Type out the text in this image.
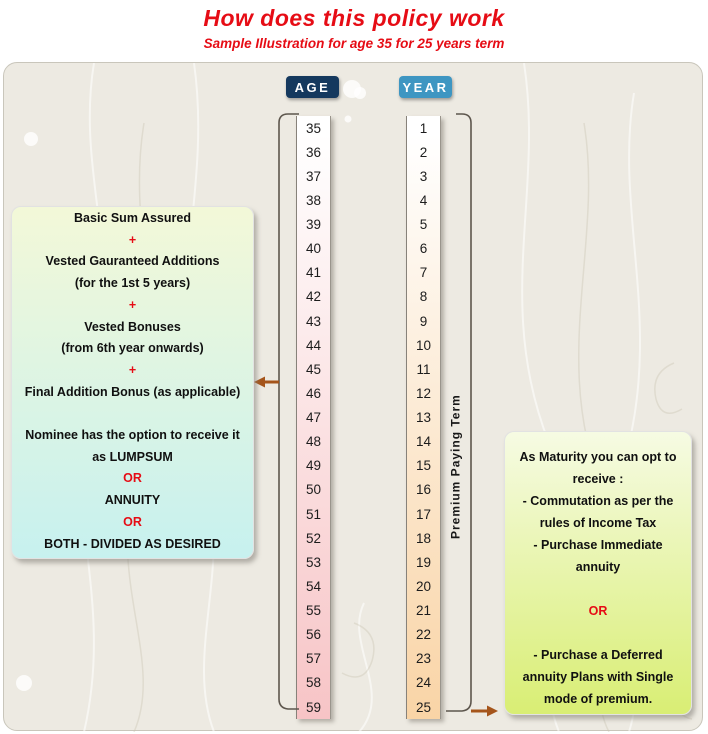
How does this policy work
Sample Illustration for age 35 for 25 years term
AGE	YEAR
35
36
37
38
39
40
41
42
43
44
45
46
47
48
49
50
51
52
53
54
55
56
57
58
59
1
2
3
4
5
6
7
8
9
10
11
12
13
14
15
16
17
18
19
20
21
22
23
24
25
Premium Paying Term
Basic Sum Assured
+
Vested Gauranteed Additions
(for the 1st 5 years)
+
Vested Bonuses
(from 6th year onwards)
+
Final Addition Bonus (as applicable)

Nominee has the option to receive it
as LUMPSUM
OR
ANNUITY
OR
BOTH - DIVIDED AS DESIRED
As Maturity you can opt to
receive :
- Commutation as per the
rules of Income Tax
- Purchase Immediate
annuity

OR

- Purchase a Deferred
annuity Plans with Single
mode of premium.
